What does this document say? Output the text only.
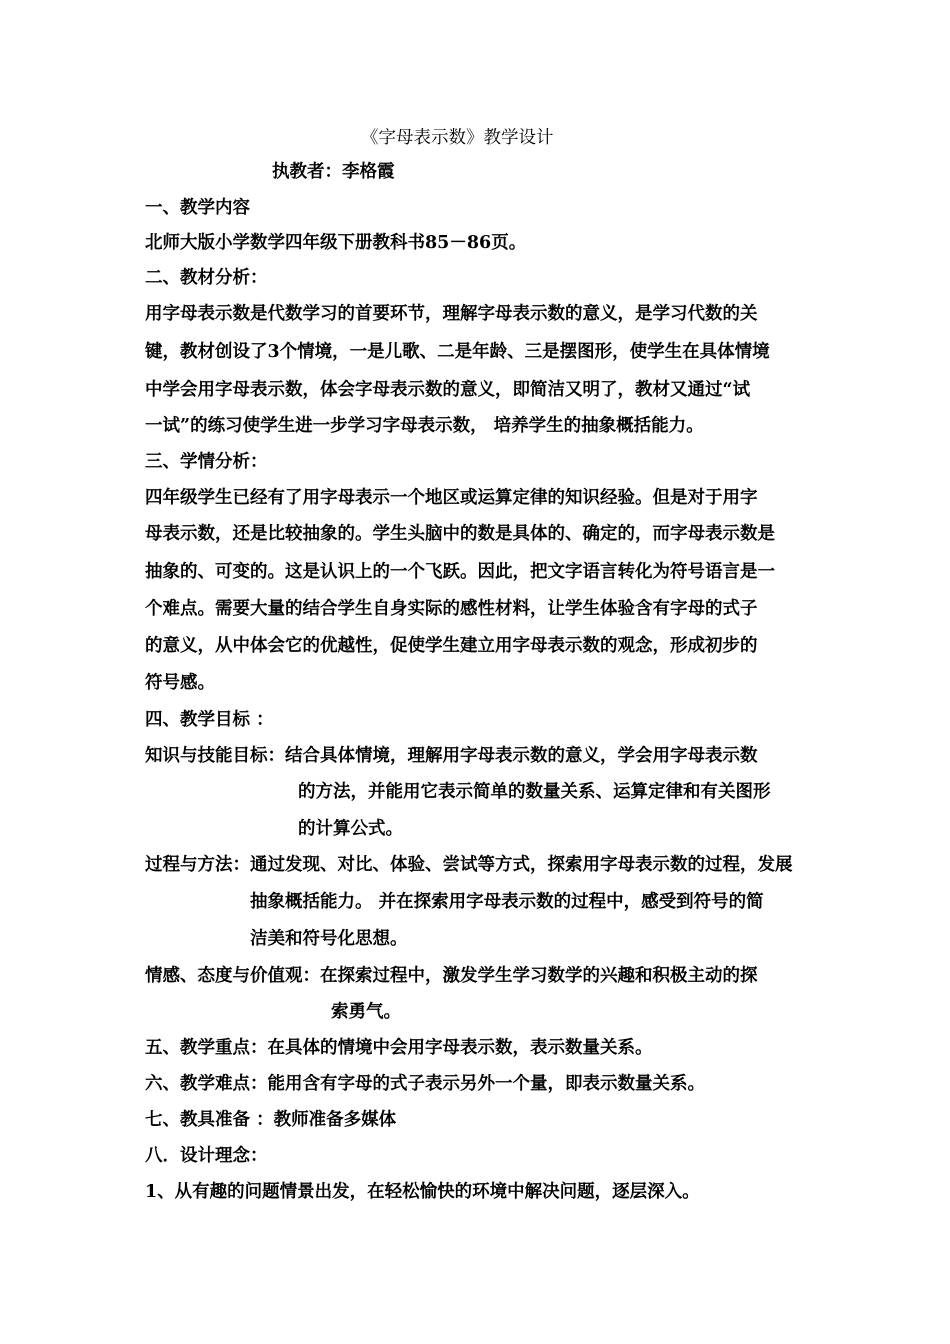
《字母表示数》教学设计
执教者：李格霞
一、教学内容
北师大版小学数学四年级下册教科书85－86页。
二、教材分析：
用字母表示数是代数学习的首要环节，理解字母表示数的意义，是学习代数的关
键，教材创设了3个情境，一是儿歌、二是年龄、三是摆图形，使学生在具体情境
中学会用字母表示数，体会字母表示数的意义，即简洁又明了，教材又通过“试
一试”的练习使学生进一步学习字母表示数， 培养学生的抽象概括能力。
三、学情分析：
四年级学生已经有了用字母表示一个地区或运算定律的知识经验。但是对于用字
母表示数，还是比较抽象的。学生头脑中的数是具体的、确定的，而字母表示数是
抽象的、可变的。这是认识上的一个飞跃。因此，把文字语言转化为符号语言是一
个难点。需要大量的结合学生自身实际的感性材料，让学生体验含有字母的式子
的意义，从中体会它的优越性，促使学生建立用字母表示数的观念，形成初步的
符号感。
四、教学目标 ：
知识与技能目标：结合具体情境，理解用字母表示数的意义，学会用字母表示数
的方法，并能用它表示简单的数量关系、运算定律和有关图形
的计算公式。
过程与方法：通过发现、对比、体验、尝试等方式，探索用字母表示数的过程，发展
抽象概括能力。 并在探索用字母表示数的过程中，感受到符号的简
洁美和符号化思想。
情感、态度与价值观：在探索过程中，激发学生学习数学的兴趣和积极主动的探
索勇气。
五、教学重点：在具体的情境中会用字母表示数，表示数量关系。
六、教学难点：能用含有字母的式子表示另外一个量，即表示数量关系。
七、教具准备 ：教师准备多媒体
八．设计理念：
1、从有趣的问题情景出发，在轻松愉快的环境中解决问题，逐层深入。
